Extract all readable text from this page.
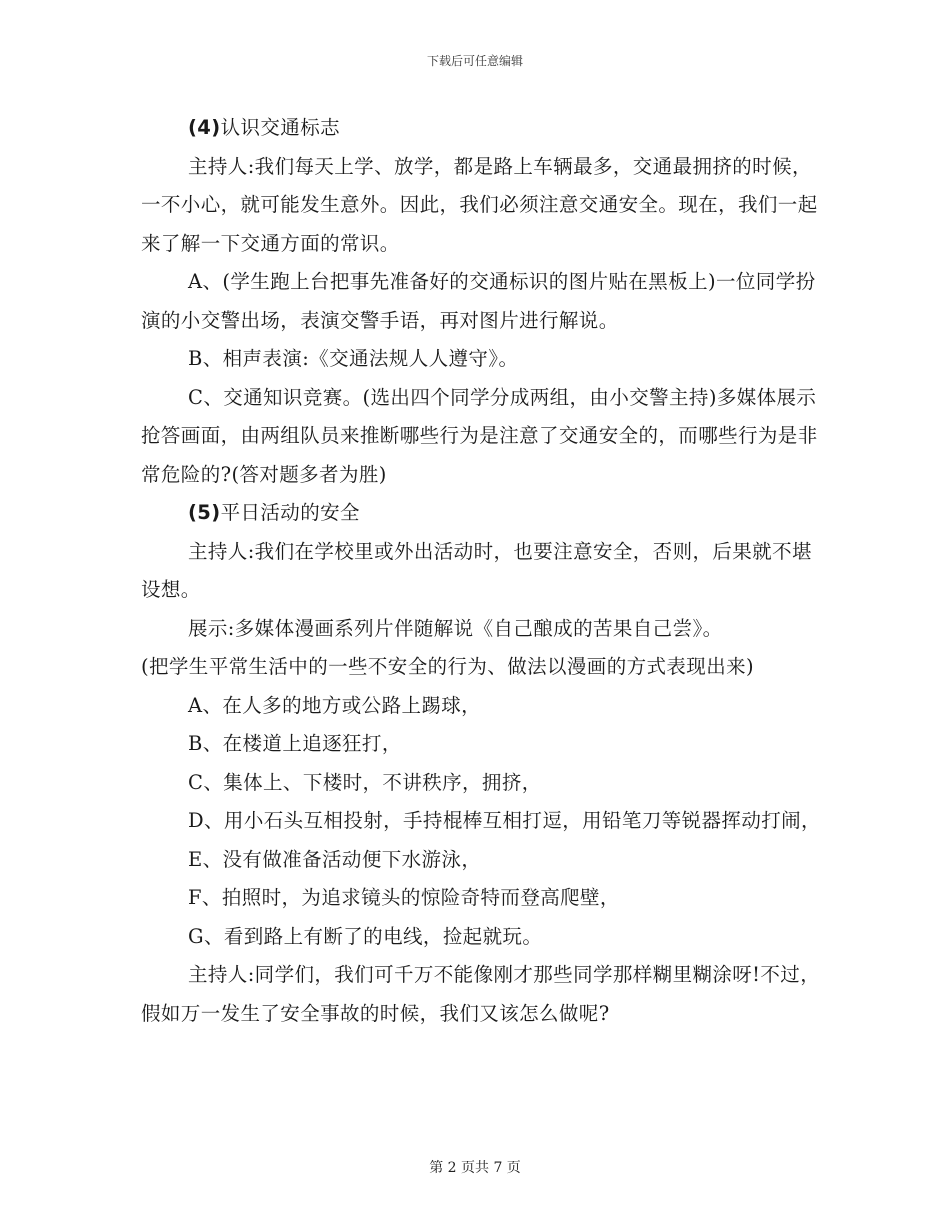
下载后可任意编辑

(4)认识交通标志

主持人:我们每天上学、放学，都是路上车辆最多，交通最拥挤的时候，一不小心，就可能发生意外。因此，我们必须注意交通安全。现在，我们一起来了解一下交通方面的常识。

A、(学生跑上台把事先准备好的交通标识的图片贴在黑板上)一位同学扮演的小交警出场，表演交警手语，再对图片进行解说。

B、相声表演:《交通法规人人遵守》。

C、交通知识竞赛。(选出四个同学分成两组，由小交警主持)多媒体展示抢答画面，由两组队员来推断哪些行为是注意了交通安全的，而哪些行为是非常危险的?(答对题多者为胜)

(5)平日活动的安全

主持人:我们在学校里或外出活动时，也要注意安全，否则，后果就不堪设想。

展示:多媒体漫画系列片伴随解说《自己酿成的苦果自己尝》。

(把学生平常生活中的一些不安全的行为、做法以漫画的方式表现出来)

A、在人多的地方或公路上踢球，

B、在楼道上追逐狂打，

C、集体上、下楼时，不讲秩序，拥挤，

D、用小石头互相投射，手持棍棒互相打逗，用铅笔刀等锐器挥动打闹，

E、没有做准备活动便下水游泳，

F、拍照时，为追求镜头的惊险奇特而登高爬壁，

G、看到路上有断了的电线，捡起就玩。

主持人:同学们，我们可千万不能像刚才那些同学那样糊里糊涂呀!不过，假如万一发生了安全事故的时候，我们又该怎么做呢?

第 2 页共 7 页
